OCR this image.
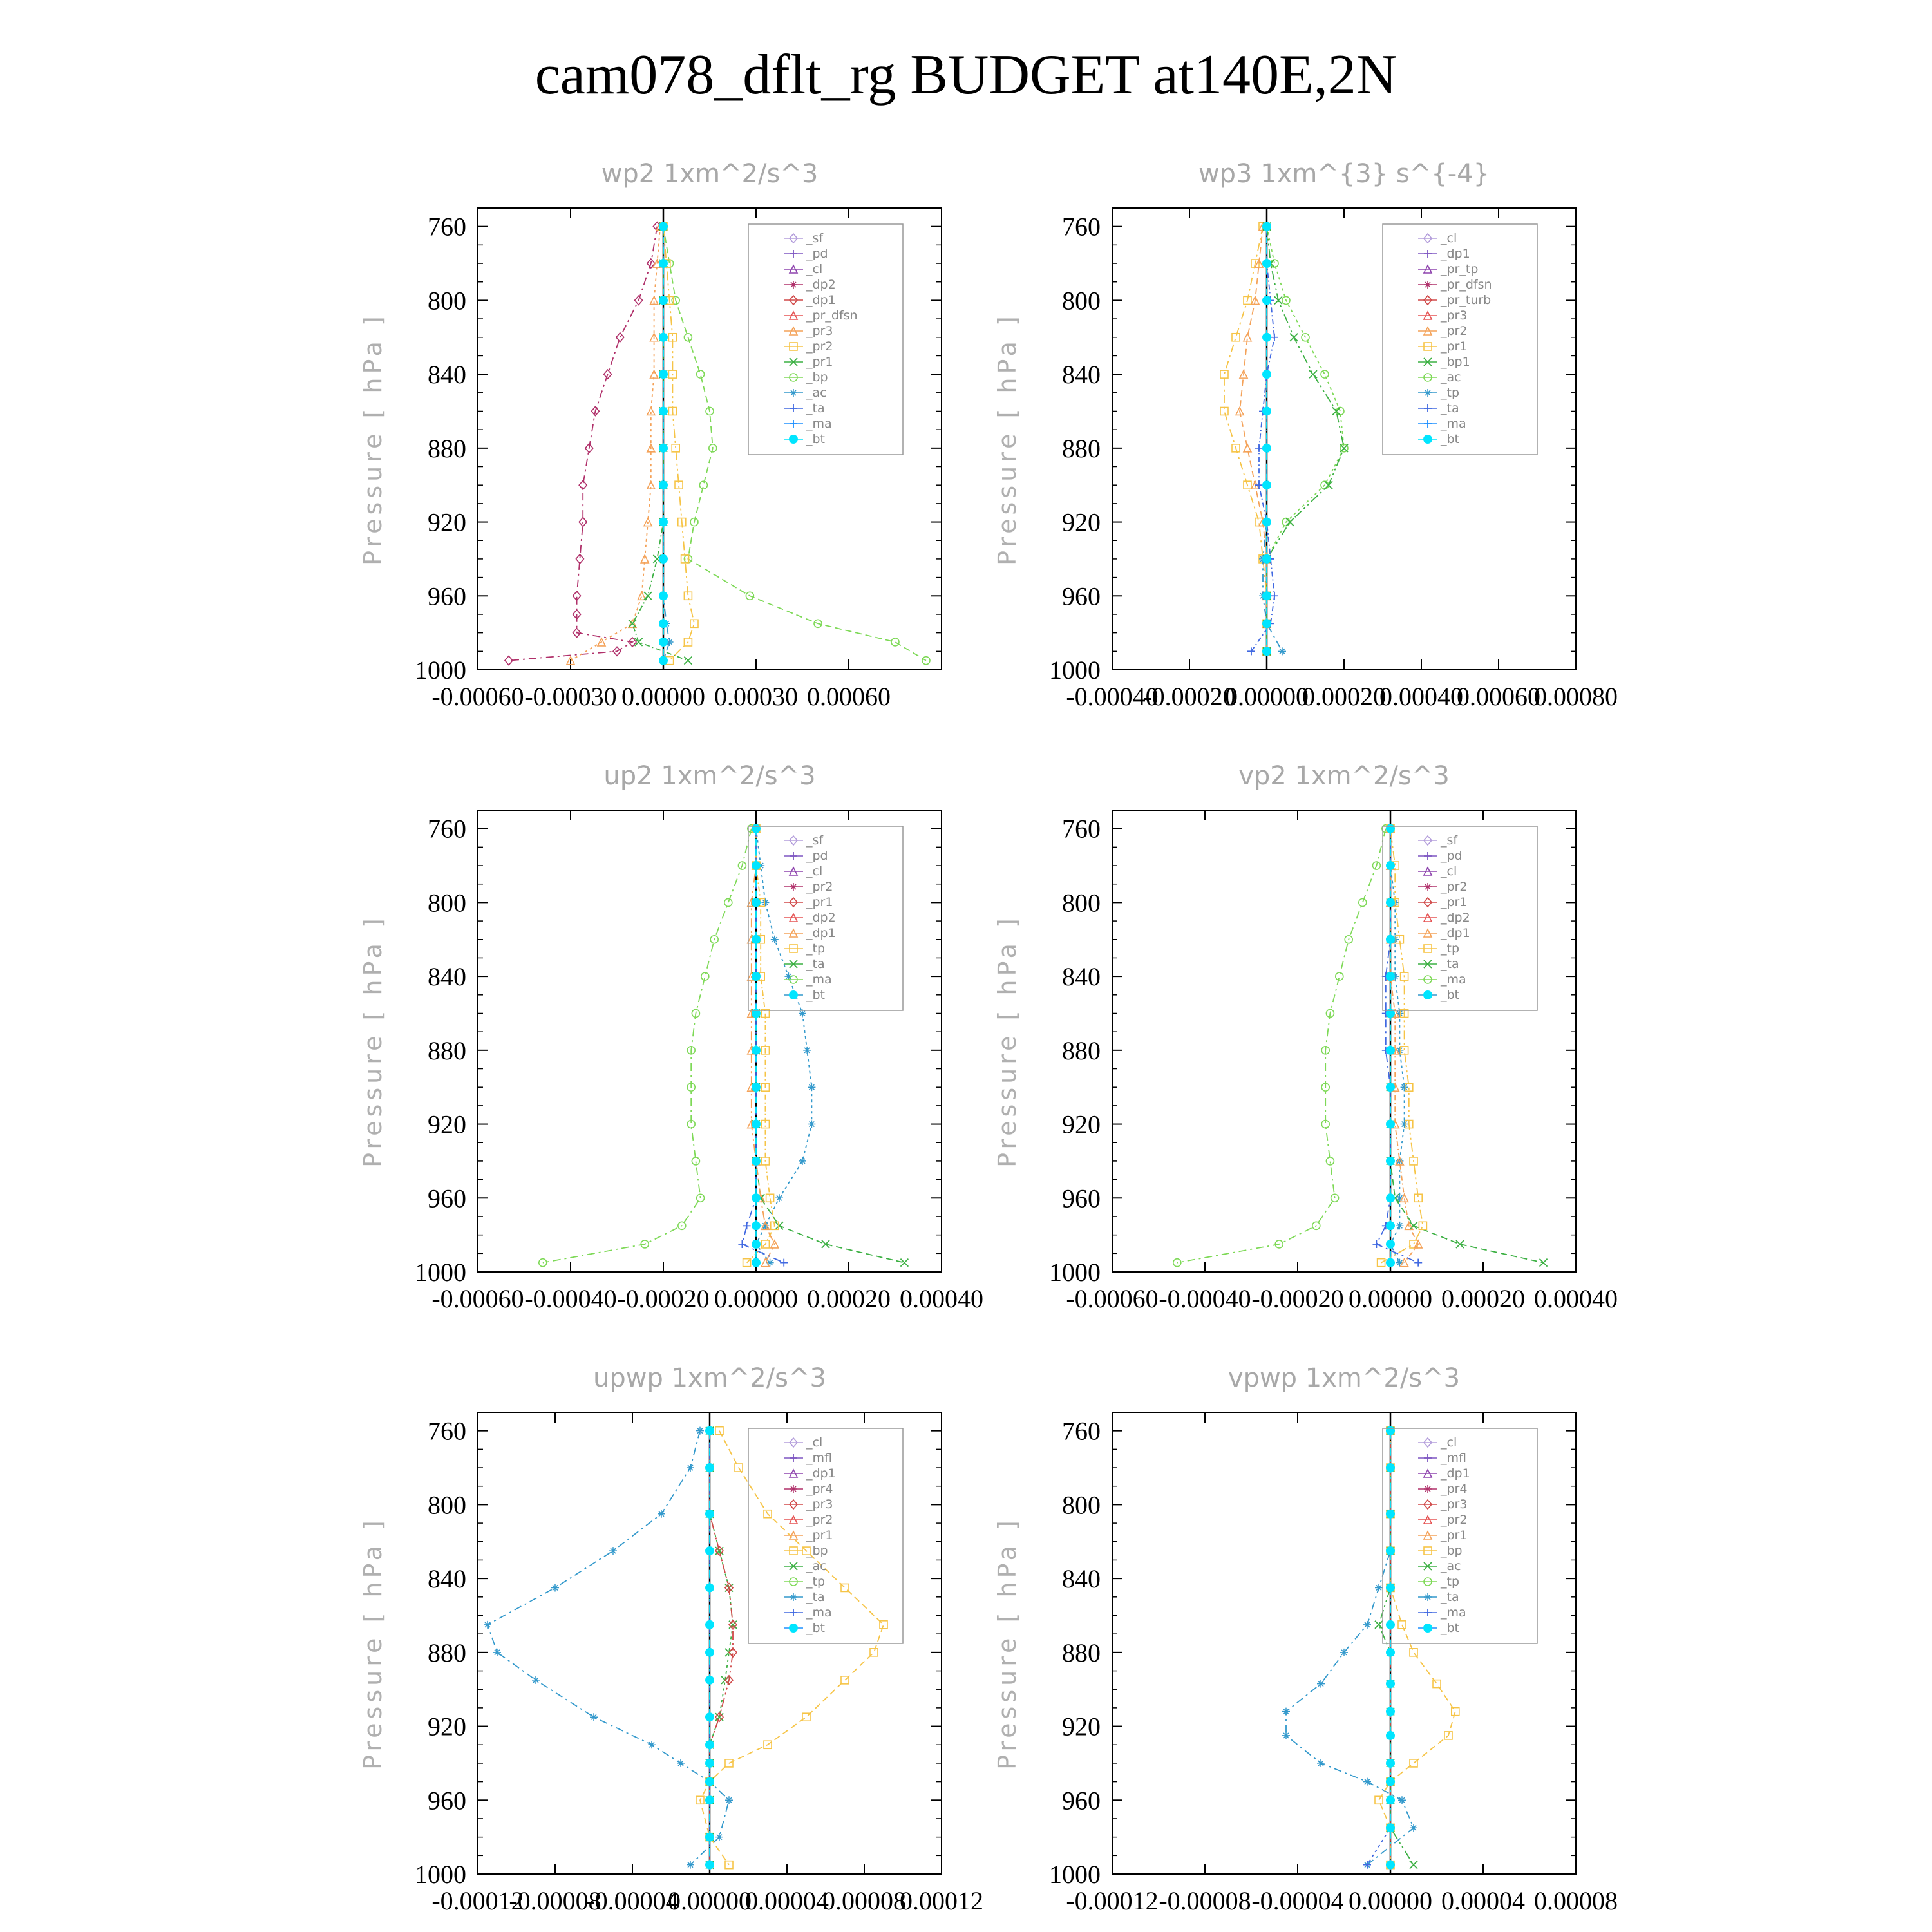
cam078_dflt_rg BUDGET at140E,2N
wp2 1xm^2/s^3
Pressure [ hPa ]
760
800
840
880
920
960
1000
-0.00060 -0.00030 0.00000 0.00030 0.00060
_sf
_pd
_cl
_dp2
_dp1
_pr_dfsn
_pr3
_pr2
_pr1
_bp
_ac
_ta
_ma
_bt
wp3 1xm^{3} s^{-4}
Pressure [ hPa ]
760
800
840
880
920
960
1000
-0.00040
-0.00020
0.00000
0.00020
0.00040
0.00060
0.00080
_cl
_dp1
_pr_tp
_pr_dfsn
_pr_turb
_pr3
_pr2
_pr1
_bp1
_ac
_tp
_ta
_ma
_bt
up2 1xm^2/s^3
Pressure [ hPa ]
760
800
840
880
920
960
1000
-0.00060 -0.00040 -0.00020 0.00000 0.00020 0.00040
_sf
_pd
_cl
_pr2
_pr1
_dp2
_dp1
_tp
_ta
_ma
_bt
vp2 1xm^2/s^3
Pressure [ hPa ]
760
800
840
880
920
960
1000
-0.00060 -0.00040 -0.00020 0.00000 0.00020 0.00040
_sf
_pd
_cl
_pr2
_pr1
_dp2
_dp1
_tp
_ta
_ma
_bt
upwp 1xm^2/s^3
Pressure [ hPa ]
760
800
840
880
920
960
1000
-0.00012
-0.00008
-0.00004
0.00000
0.00004
0.00008
0.00012
_cl
_mfl
_dp1
_pr4
_pr3
_pr2
_pr1
_bp
_ac
_tp
_ta
_ma
_bt
vpwp 1xm^2/s^3
Pressure [ hPa ]
760
800
840
880
920
960
1000
-0.00012 -0.00008 -0.00004 0.00000 0.00004 0.00008
_cl
_mfl
_dp1
_pr4
_pr3
_pr2
_pr1
_bp
_ac
_tp
_ta
_ma
_bt
